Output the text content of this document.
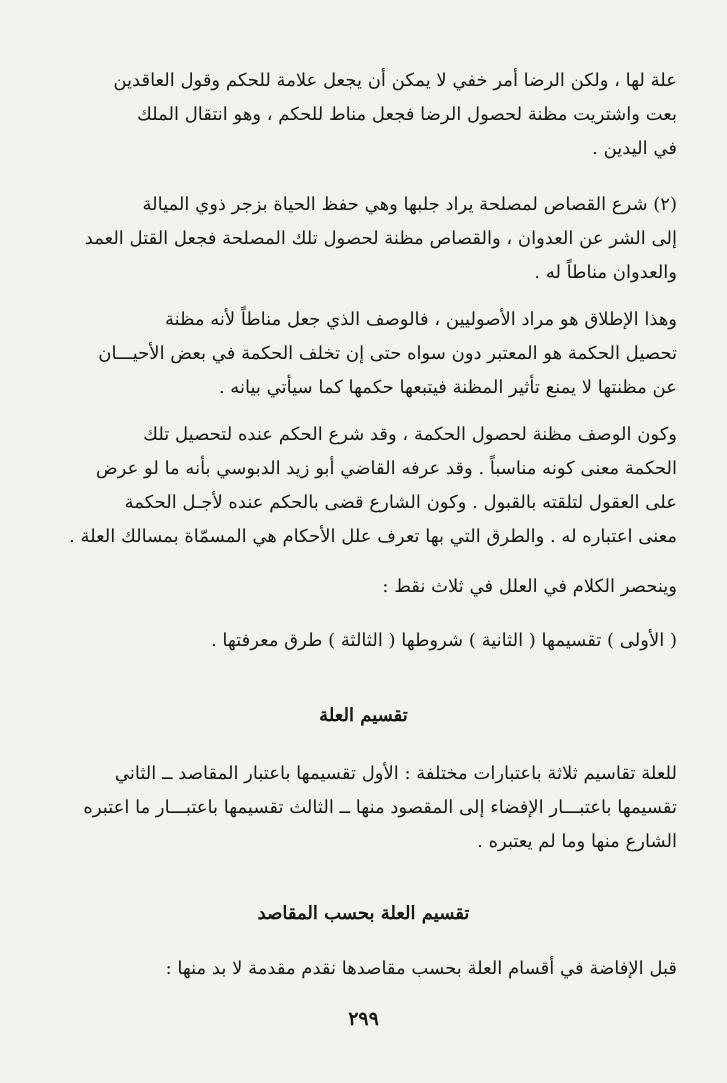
علة لها ، ولكن الرضا أمر خفي لا يمكن أن يجعل علامة للحكم وقول العاقدين
بعت واشتريت مظنة لحصول الرضا فجعل مناط للحكم ، وهو انتقال الملك
في اليدين .
(٢) شرع القصاص لمصلحة يراد جلبها وهي حفظ الحياة بزجر ذوي الميالة
إلى الشر عن العدوان ، والقصاص مظنة لحصول تلك المصلحة فجعل القتل العمد
والعدوان مناطاً له .
وهذا الإطلاق هو مراد الأصوليين ، فالوصف الذي جعل مناطاً لأنه مظنة
تحصيل الحكمة هو المعتبر دون سواه حتى إن تخلف الحكمة في بعض الأحيـــان
عن مظنتها لا يمنع تأثير المظنة فيتبعها حكمها كما سيأتي بيانه .
وكون الوصف مظنة لحصول الحكمة ، وقد شرع الحكم عنده لتحصيل تلك
الحكمة معنى كونه مناسباً . وقد عرفه القاضي أبو زيد الدبوسي بأنه ما لو عرض
على العقول لتلقته بالقبول . وكون الشارع قضى بالحكم عنده لأجـل الحكمة
معنى اعتباره له . والطرق التي بها تعرف علل الأحكام هي المسمّاة بمسالك العلة .
وينحصر الكلام في العلل في ثلاث نقط :
( الأولى ) تقسيمها ( الثانية ) شروطها ( الثالثة ) طرق معرفتها .
تقسيم العلة
للعلة تقاسيم ثلاثة باعتبارات مختلفة : الأول تقسيمها باعتبار المقاصد ــ الثاني
تقسيمها باعتبـــار الإفضاء إلى المقصود منها ــ الثالث تقسيمها باعتبـــار ما اعتبره
الشارع منها وما لم يعتبره .
تقسيم العلة بحسب المقاصد
قبل الإفاضة في أقسام العلة بحسب مقاصدها نقدم مقدمة لا بد منها :
٢٩٩
